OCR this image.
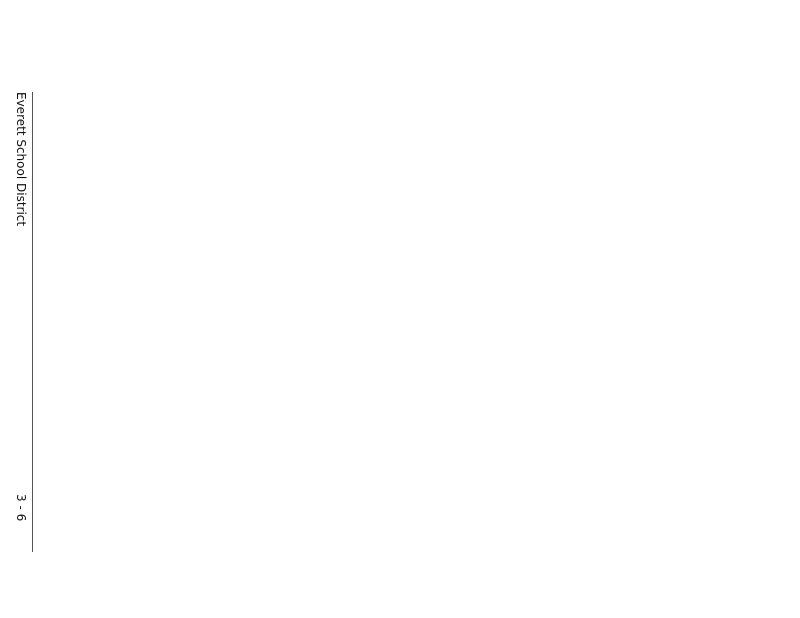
Everett School District
3 - 6
